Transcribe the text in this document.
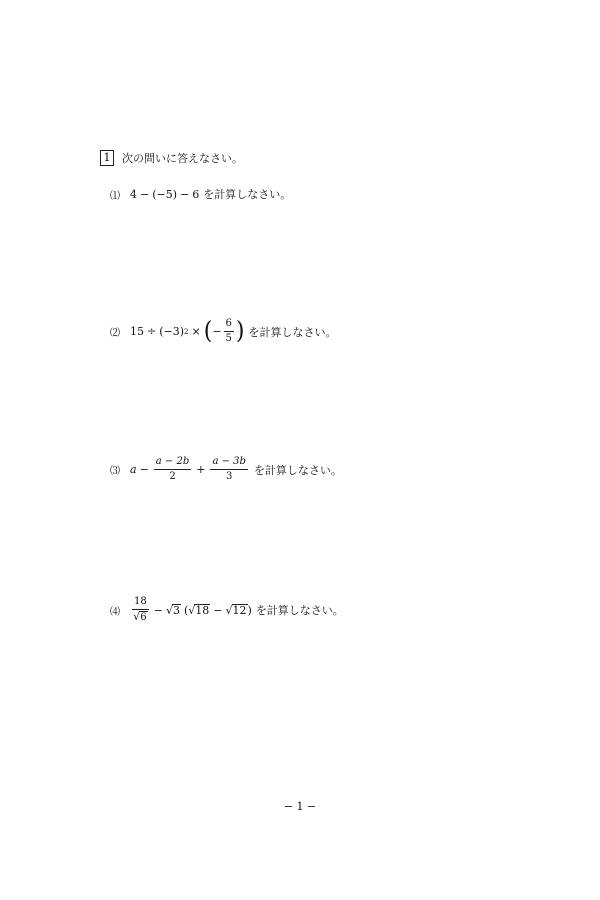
1	次の問いに答えなさい。
⑴ 4 − (−5) − 6 を計算しなさい。
⑵ 15 ÷ (−3) 2 × ( − $\frac{6}{5}$ ) を計算しなさい。
⑶ $a - \frac{a - 2b}{2} + \frac{a - 3b}{3}$ を計算しなさい。
⑷	$\frac{18}{√ 6}$ − √ 3 ( √ 18 − √ 12 ) を計算しなさい。
− 1 −
